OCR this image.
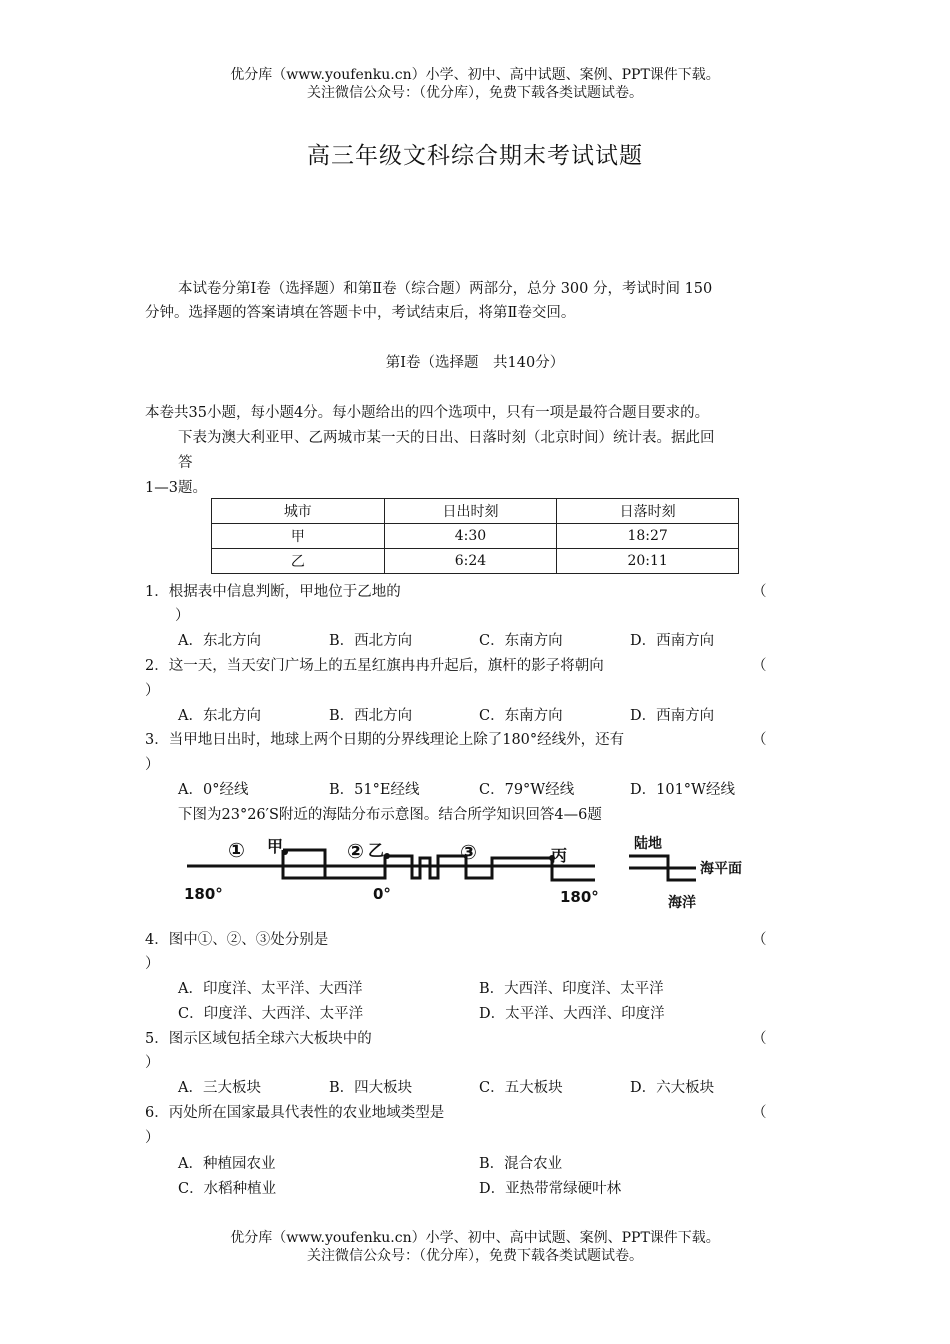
优分库（www.youfenku.cn）小学、初中、高中试题、案例、PPT课件下载。
关注微信公众号：（优分库），免费下载各类试题试卷。
高三年级文科综合期末考试试题
本试卷分第Ⅰ卷（选择题）和第Ⅱ卷（综合题）两部分，总分 300 分，考试时间 150
分钟。选择题的答案请填在答题卡中，考试结束后，将第Ⅱ卷交回。
第Ⅰ卷（选择题　共140分）
本卷共35小题，每小题4分。每小题给出的四个选项中，只有一项是最符合题目要求的。
下表为澳大利亚甲、乙两城市某一天的日出、日落时刻（北京时间）统计表。据此回
答
1—3题。
城市	日出时刻	日落时刻
甲	4:30	18:27
乙	6:24	20:11
1．根据表中信息判断，甲地位于乙地的	（
）
A．东北方向	B．西北方向	C．东南方向	D．西南方向
2．这一天，当天安门广场上的五星红旗冉冉升起后，旗杆的影子将朝向	（
）
A．东北方向	B．西北方向	C．东南方向	D．西南方向
3．当甲地日出时，地球上两个日期的分界线理论上除了180°经线外，还有	（
）
A．0°经线	B．51°E经线	C．79°W经线	D．101°W经线
下图为23°26′S附近的海陆分布示意图。结合所学知识回答4—6题
① 甲	② 乙	③	丙
180°	0°	180°
陆地
海平面
海洋
4．图中①、②、③处分别是	（
）
A．印度洋、太平洋、大西洋	B．大西洋、印度洋、太平洋
C．印度洋、大西洋、太平洋	D．太平洋、大西洋、印度洋
5．图示区域包括全球六大板块中的	（
）
A．三大板块	B．四大板块	C．五大板块	D．六大板块
6．丙处所在国家最具代表性的农业地域类型是	（
）
A．种植园农业	B．混合农业
C．水稻种植业	D．亚热带常绿硬叶林
优分库（www.youfenku.cn）小学、初中、高中试题、案例、PPT课件下载。
关注微信公众号：（优分库），免费下载各类试题试卷。
